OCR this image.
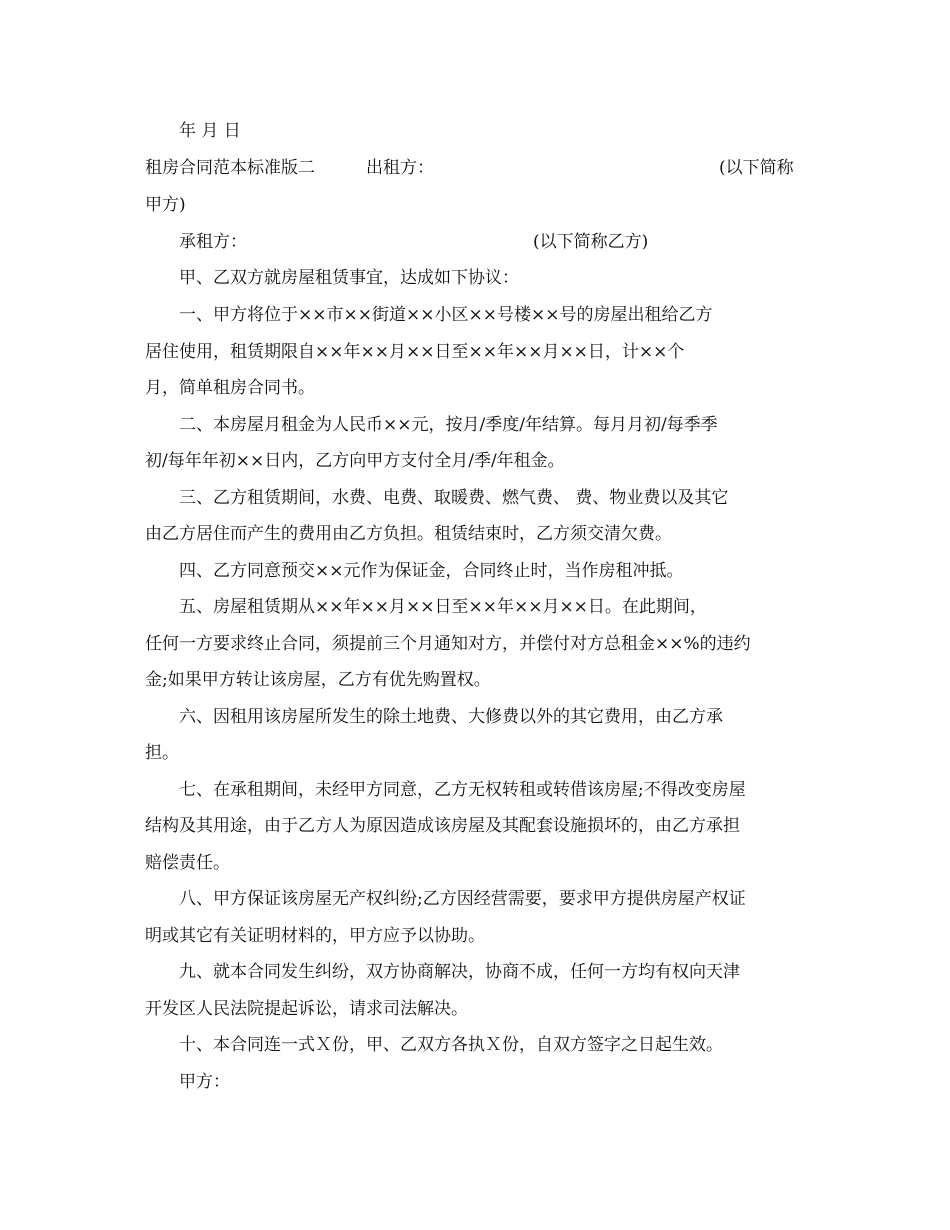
年 月 日
租房合同范本标准版二	出租方：	(以下简称
甲方)
承租方：	(以下简称乙方)
甲、乙双方就房屋租赁事宜，达成如下协议：
一、甲方将位于××市××街道××小区××号楼××号的房屋出租给乙方
居住使用，租赁期限自××年××月××日至××年××月××日，计××个
月，简单租房合同书。
二、本房屋月租金为人民币××元，按月/季度/年结算。每月月初/每季季
初/每年年初××日内，乙方向甲方支付全月/季/年租金。
三、乙方租赁期间，水费、电费、取暖费、燃气费、 费、物业费以及其它
由乙方居住而产生的费用由乙方负担。租赁结束时，乙方须交清欠费。
四、乙方同意预交××元作为保证金，合同终止时，当作房租冲抵。
五、房屋租赁期从××年××月××日至××年××月××日。在此期间，
任何一方要求终止合同，须提前三个月通知对方，并偿付对方总租金××%的违约
金;如果甲方转让该房屋，乙方有优先购置权。
六、因租用该房屋所发生的除土地费、大修费以外的其它费用，由乙方承
担。
七、在承租期间，未经甲方同意，乙方无权转租或转借该房屋;不得改变房屋
结构及其用途，由于乙方人为原因造成该房屋及其配套设施损坏的，由乙方承担
赔偿责任。
八、甲方保证该房屋无产权纠纷;乙方因经营需要，要求甲方提供房屋产权证
明或其它有关证明材料的，甲方应予以协助。
九、就本合同发生纠纷，双方协商解决，协商不成，任何一方均有权向天津
开发区人民法院提起诉讼，请求司法解决。
十、本合同连一式Ｘ份，甲、乙双方各执Ｘ份，自双方签字之日起生效。
甲方：
